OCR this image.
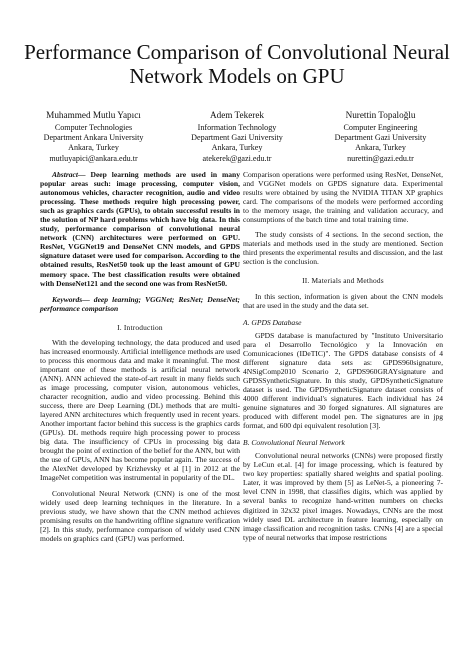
Performance Comparison of Convolutional Neural
Network Models on GPU
Muhammed Mutlu Yapıcı
Computer Technologies
Department Ankara University
Ankara, Turkey
mutluyapici@ankara.edu.tr
Adem Tekerek
Information Technology
Department Gazi University
Ankara, Turkey
atekerek@gazi.edu.tr
Nurettin Topaloğlu
Computer Engineering
Department Gazi University
Ankara, Turkey
nurettin@gazi.edu.tr

Abstract— Deep learning methods are used in many popular areas such: image processing, computer vision, autonomous vehicles, character recognition, audio and video processing. These methods require high processing power, such as graphics cards (GPUs), to obtain successful results in the solution of NP hard problems which have big data. In this study, performance comparison of convolutional neural network (CNN) architectures were performed on GPU. ResNet, VGGNet19 and DenseNet CNN models, and GPDS signature dataset were used for comparison. According to the obtained results, ResNet50 took up the least amount of GPU memory space. The best classification results were obtained with DenseNet121 and the second one was from ResNet50.

Keywords— deep learning; VGGNet; ResNet; DenseNet; performance comparison

I. Introduction

With the developing technology, the data produced and used has increased enormously. Artificial intelligence methods are used to process this enormous data and make it meaningful. The most important one of these methods is artificial neural network (ANN). ANN achieved the state-of-art result in many fields such as image processing, computer vision, autonomous vehicles, character recognition, audio and video processing. Behind this success, there are Deep Learning (DL) methods that are multi-layered ANN architectures which frequently used in recent years. Another important factor behind this success is the graphics cards (GPUs). DL methods require high processing power to process big data. The insufficiency of CPUs in processing big data brought the point of extinction of the belief for the ANN, but with the use of GPUs, ANN has become popular again. The success of the AlexNet developed by Krizhevsky et al [1] in 2012 at the ImageNet competition was instrumental in popularity of the DL.

Convolutional Neural Network (CNN) is one of the most widely used deep learning techniques in the literature. In a previous study, we have shown that the CNN method achieves promising results on the handwriting offline signature verification [2]. In this study, performance comparison of widely used CNN models on graphics card (GPU) was performed.

Comparison operations were performed using ResNet, DenseNet, and VGGNet models on GPDS signature data. Experimental results were obtained by using the NVIDIA TITAN XP graphics card. The comparisons of the models were performed according to the memory usage, the training and validation accuracy, and consumptions of the batch time and total training time.

The study consists of 4 sections. In the second section, the materials and methods used in the study are mentioned. Section third presents the experimental results and discussion, and the last section is the conclusion.

II. Materials and Methods

In this section, information is given about the CNN models that are used in the study and the data set.

A. GPDS Database

GPDS database is manufactured by "Instituto Universitario para el Desarrollo Tecnológico y la Innovación en Comunicaciones (IDeTIC)". The GPDS database consists of 4 different signature data sets as: GPDS960signature, 4NSigComp2010 Scenario 2, GPDS960GRAYsignature and GPDSSyntheticSignature. In this study, GPDSyntheticSignature dataset is used. The GPDSyntheticSignature dataset consists of 4000 different individual's signatures. Each individual has 24 genuine signatures and 30 forged signatures. All signatures are produced with different model pen. The signatures are in jpg format, and 600 dpi equivalent resolution [3].

B. Convolutional Neural Network

Convolutional neural networks (CNNs) were proposed firstly by LeCun et.al. [4] for image processing, which is featured by two key properties: spatially shared weights and spatial pooling. Later, it was improved by them [5] as LeNet-5, a pioneering 7-level CNN in 1998, that classifies digits, which was applied by several banks to recognize hand-written numbers on checks digitized in 32x32 pixel images. Nowadays, CNNs are the most widely used DL architecture in feature learning, especially on image classification and recognition tasks. CNNs [4] are a special type of neural networks that impose restrictions
